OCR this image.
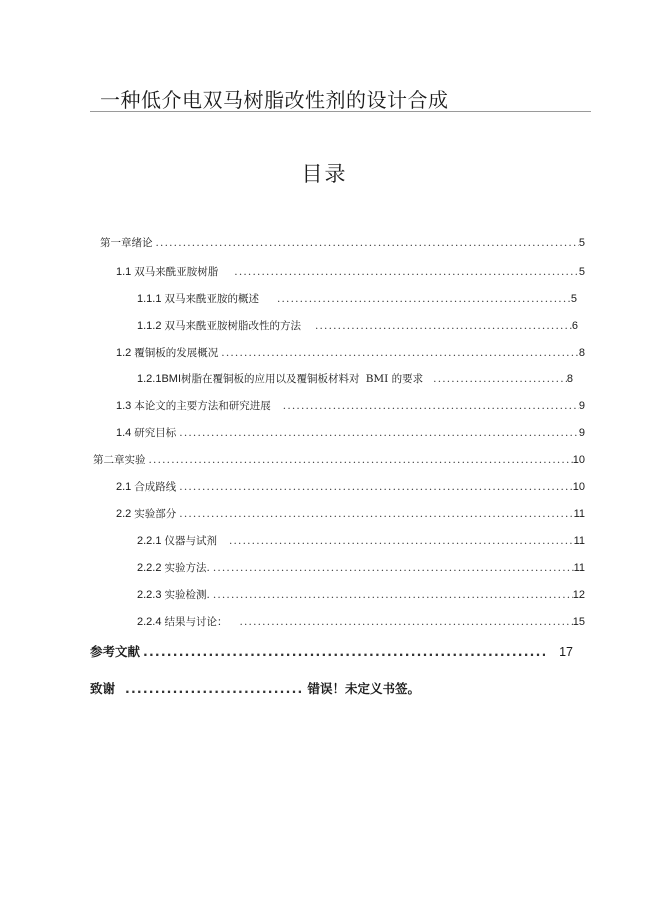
一种低介电双马树脂改性剂的设计合成
目录
第一章绪论 .....	5
1.1 双马来酰亚胺树脂 .....	5
1.1.1 双马来酰亚胺的概述 .....	5
1.1.2 双马来酰亚胺树脂改性的方法 .....	6
1.2 覆铜板的发展概况 .....	8
1.2.1BMI 树脂在覆铜板的应用以及覆铜板材料对 BMI 的要求 .....	8
1.3 本论文的主要方法和研究进展 .....	9
1.4 研究目标 .....	9
第二章实验 .....	10
2.1 合成路线 .....	10
2.2 实验部分 .....	11
2.2.1 仪器与试剂 .....	11
2.2.2 实验方法. .....	11
2.2.3 实验检测. .....	12
2.2.4 结果与讨论： .....	15
参考文献 .....	17
致谢 .....	错误！未定义书签。
